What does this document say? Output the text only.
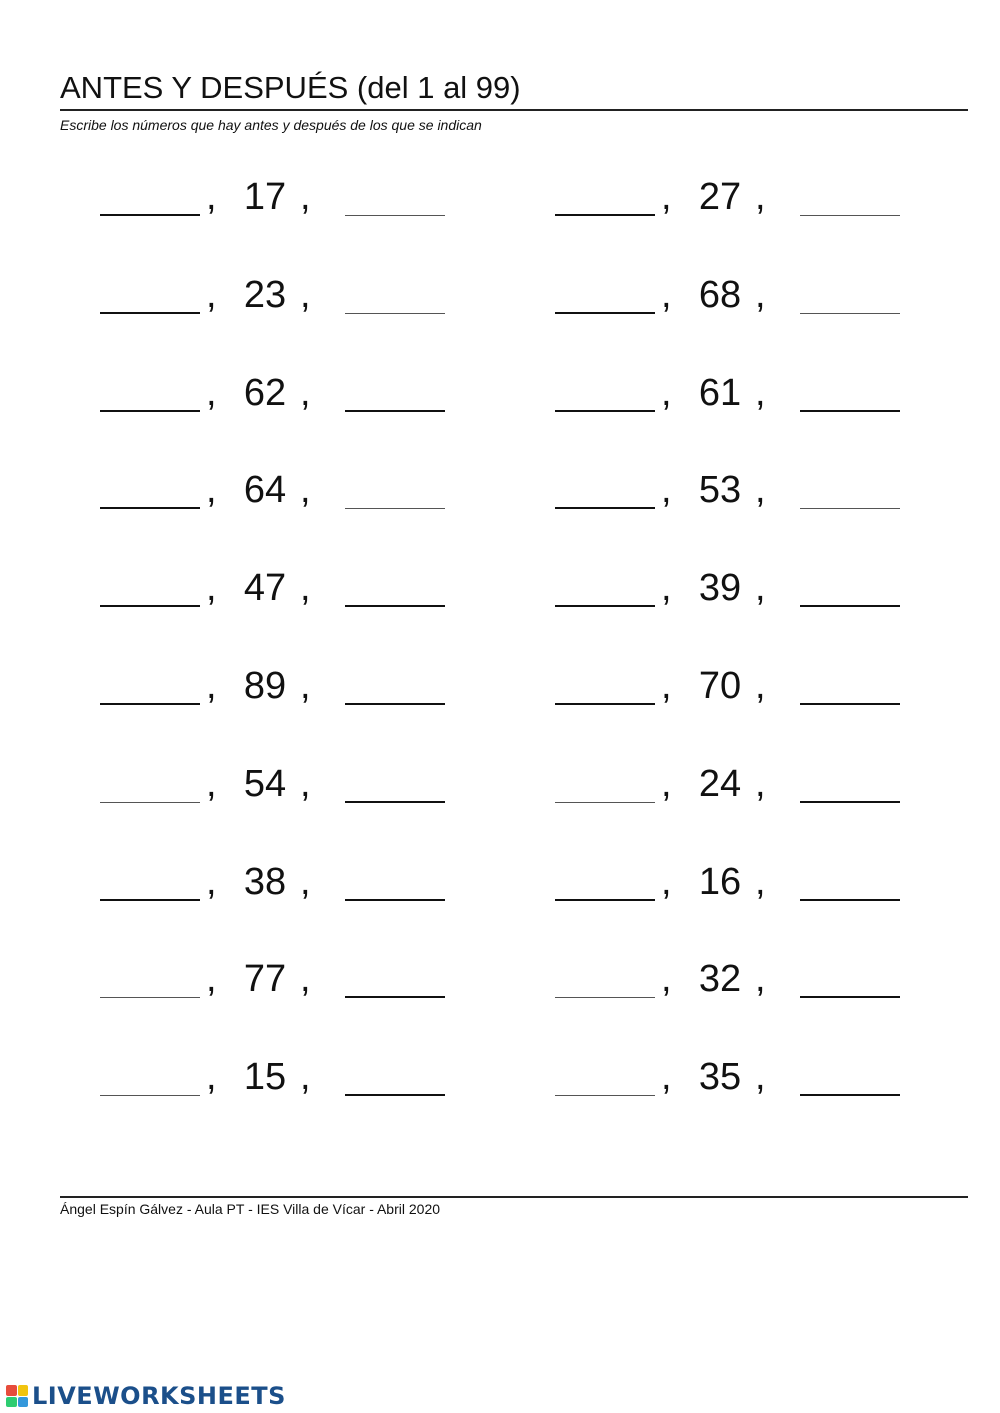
ANTES Y DESPUÉS (del 1 al 99)
Escribe los números que hay antes y después de los que se indican
, 17 ,	, 27 ,
, 23 ,	, 68 ,
, 62 ,	, 61 ,
, 64 ,	, 53 ,
, 47 ,	, 39 ,
, 89 ,	, 70 ,
, 54 ,	, 24 ,
, 38 ,	, 16 ,
, 77 ,	, 32 ,
, 15 ,	, 35 ,
Ángel Espín Gálvez - Aula PT - IES Villa de Vícar - Abril 2020
LIVEWORKSHEETS
